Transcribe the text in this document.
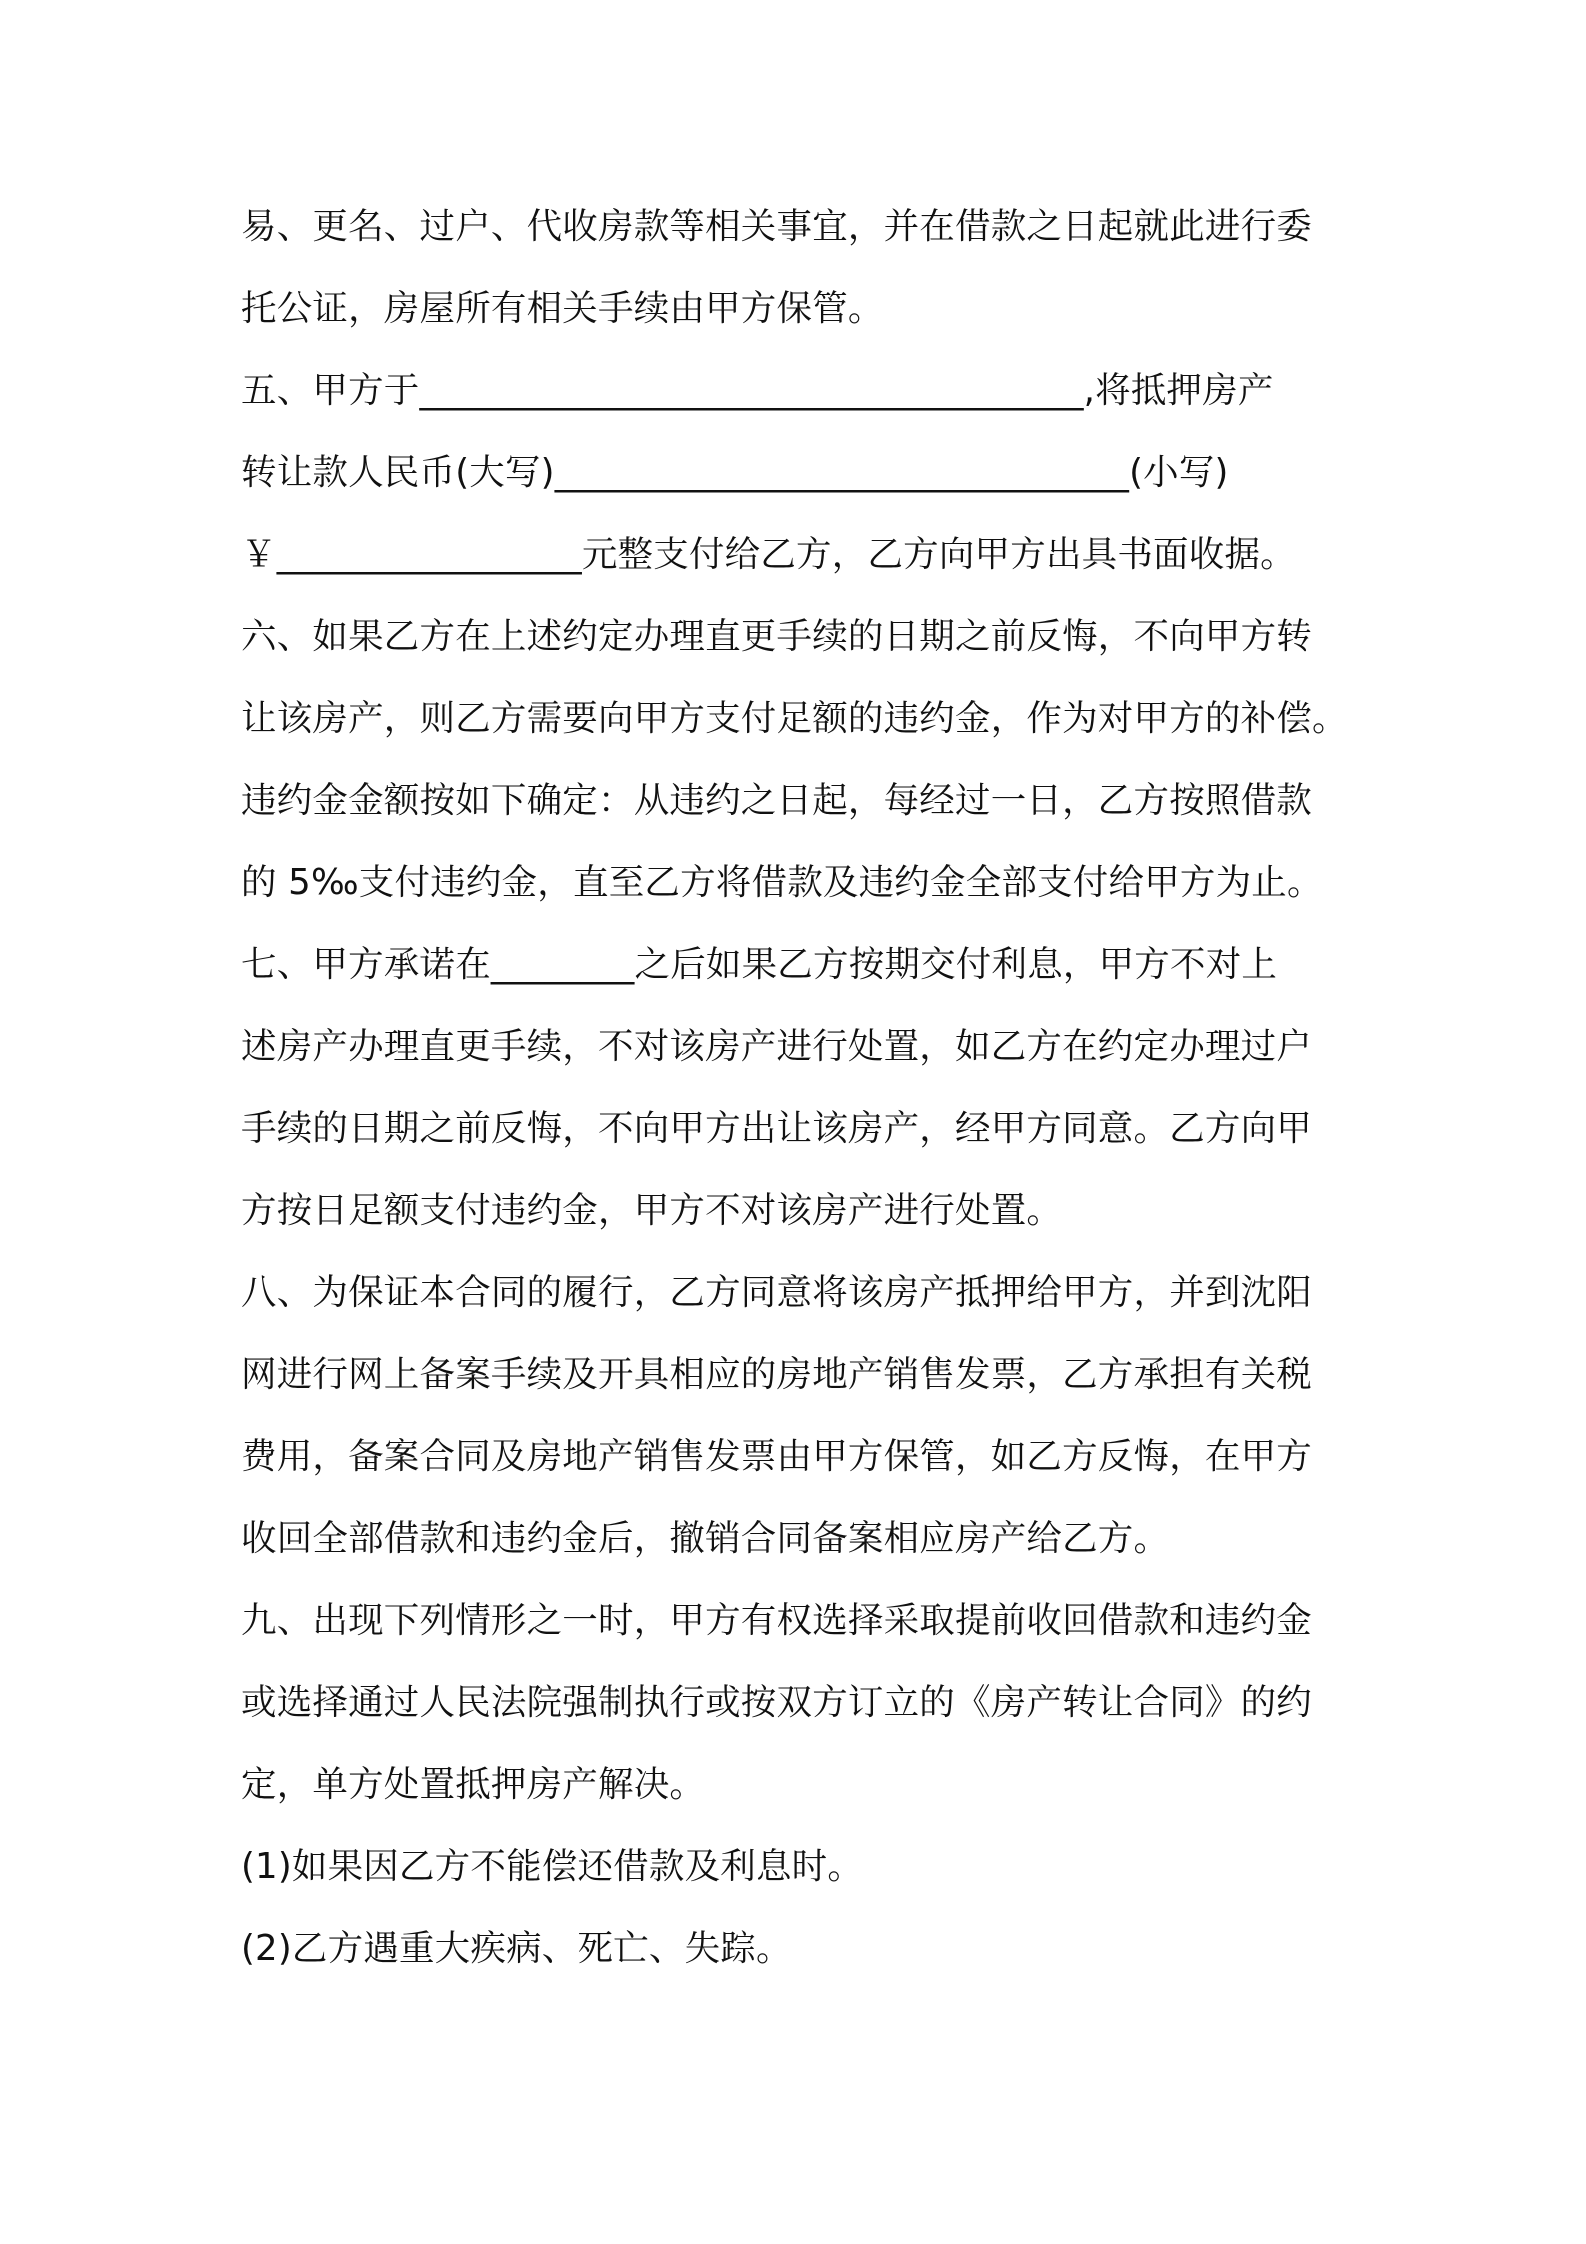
易、更名、过户、代收房款等相关事宜，并在借款之日起就此进行委
托公证，房屋所有相关手续由甲方保管。
五、甲方于_____________________________________,将抵押房产
转让款人民币(大写)________________________________(小写)
￥_________________元整支付给乙方，乙方向甲方出具书面收据。
六、如果乙方在上述约定办理直更手续的日期之前反悔，不向甲方转
让该房产，则乙方需要向甲方支付足额的违约金，作为对甲方的补偿。
违约金金额按如下确定：从违约之日起，每经过一日，乙方按照借款
的 5‰支付违约金，直至乙方将借款及违约金全部支付给甲方为止。
七、甲方承诺在________之后如果乙方按期交付利息，甲方不对上
述房产办理直更手续，不对该房产进行处置，如乙方在约定办理过户
手续的日期之前反悔，不向甲方出让该房产，经甲方同意。乙方向甲
方按日足额支付违约金，甲方不对该房产进行处置。
八、为保证本合同的履行，乙方同意将该房产抵押给甲方，并到沈阳
网进行网上备案手续及开具相应的房地产销售发票，乙方承担有关税
费用，备案合同及房地产销售发票由甲方保管，如乙方反悔，在甲方
收回全部借款和违约金后，撤销合同备案相应房产给乙方。
九、出现下列情形之一时，甲方有权选择采取提前收回借款和违约金
或选择通过人民法院强制执行或按双方订立的《房产转让合同》的约
定，单方处置抵押房产解决。
(1)如果因乙方不能偿还借款及利息时。
(2)乙方遇重大疾病、死亡、失踪。
